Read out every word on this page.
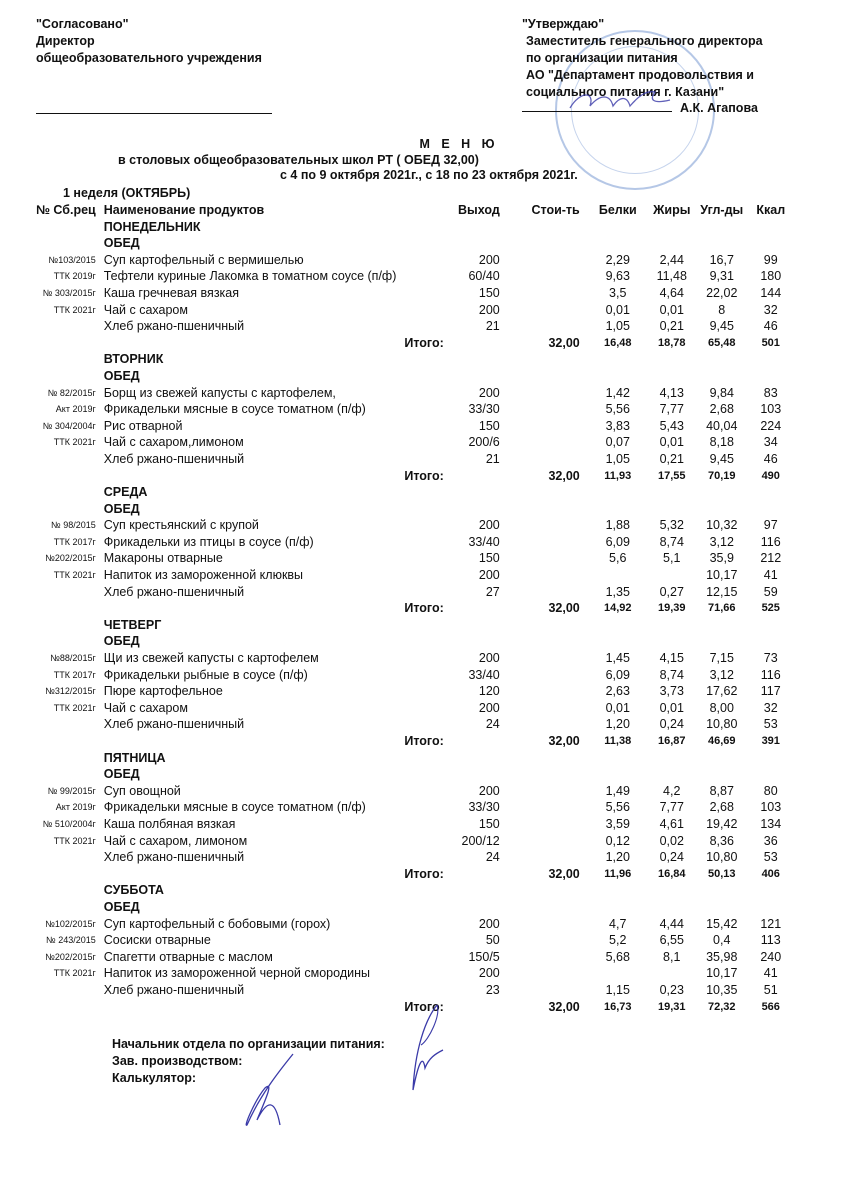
"Согласовано"
Директор
общеобразовательного учреждения
"Утверждаю"
Заместитель генерального директора
по организации питания
АО "Департамент продовольствия и
социального питания г. Казани"
А.К. Агапова
М Е Н Ю
в столовых общеобразовательных школ РТ ( ОБЕД 32,00)
с 4 по 9 октября 2021г., с 18 по 23 октября 2021г.
1 неделя (ОКТЯБРЬ)
№ Сб.рец	Наименование продуктов	Выход	Стои-ть	Белки	Жиры	Угл-ды	Ккал
	ПОНЕДЕЛЬНИК						
	ОБЕД						
№103/2015	Суп картофельный с вермишелью	200		2,29	2,44	16,7	99
ТТК 2019г	Тефтели куриные Лакомка в томатном соусе (п/ф)	60/40		9,63	11,48	9,31	180
№ 303/2015г	Каша гречневая вязкая	150		3,5	4,64	22,02	144
ТТК 2021г	Чай с сахаром	200		0,01	0,01	8	32
	Хлеб ржано-пшеничный	21		1,05	0,21	9,45	46
	Итого:		32,00	16,48	18,78	65,48	501
	ВТОРНИК						
	ОБЕД						
№ 82/2015г	Борщ из свежей капусты с картофелем,	200		1,42	4,13	9,84	83
Акт 2019г	Фрикадельки мясные в соусе томатном (п/ф)	33/30		5,56	7,77	2,68	103
№ 304/2004г	Рис отварной	150		3,83	5,43	40,04	224
ТТК 2021г	Чай с сахаром,лимоном	200/6		0,07	0,01	8,18	34
	Хлеб ржано-пшеничный	21		1,05	0,21	9,45	46
	Итого:		32,00	11,93	17,55	70,19	490
	СРЕДА						
	ОБЕД						
№ 98/2015	Суп крестьянский с крупой	200		1,88	5,32	10,32	97
ТТК 2017г	Фрикадельки из птицы в соусе (п/ф)	33/40		6,09	8,74	3,12	116
№202/2015г	Макароны отварные	150		5,6	5,1	35,9	212
ТТК 2021г	Напиток из замороженной клюквы	200				10,17	41
	Хлеб ржано-пшеничный	27		1,35	0,27	12,15	59
	Итого:		32,00	14,92	19,39	71,66	525
	ЧЕТВЕРГ						
	ОБЕД						
№88/2015г	Щи из свежей капусты с картофелем	200		1,45	4,15	7,15	73
ТТК 2017г	Фрикадельки рыбные в соусе (п/ф)	33/40		6,09	8,74	3,12	116
№312/2015г	Пюре картофельное	120		2,63	3,73	17,62	117
ТТК 2021г	Чай с сахаром	200		0,01	0,01	8,00	32
	Хлеб ржано-пшеничный	24		1,20	0,24	10,80	53
	Итого:		32,00	11,38	16,87	46,69	391
	ПЯТНИЦА						
	ОБЕД						
№ 99/2015г	Суп овощной	200		1,49	4,2	8,87	80
Акт 2019г	Фрикадельки мясные в соусе томатном (п/ф)	33/30		5,56	7,77	2,68	103
№ 510/2004г	Каша полбяная вязкая	150		3,59	4,61	19,42	134
ТТК 2021г	Чай с сахаром, лимоном	200/12		0,12	0,02	8,36	36
	Хлеб ржано-пшеничный	24		1,20	0,24	10,80	53
	Итого:		32,00	11,96	16,84	50,13	406
	СУББОТА						
	ОБЕД						
№102/2015г	Суп картофельный с бобовыми (горох)	200		4,7	4,44	15,42	121
№ 243/2015	Сосиски отварные	50		5,2	6,55	0,4	113
№202/2015г	Спагетти отварные с маслом	150/5		5,68	8,1	35,98	240
ТТК 2021г	Напиток из замороженной черной смородины	200				10,17	41
	Хлеб ржано-пшеничный	23		1,15	0,23	10,35	51
	Итого:		32,00	16,73	19,31	72,32	566
Начальник отдела по организации питания:
Зав. производством:
Калькулятор:
